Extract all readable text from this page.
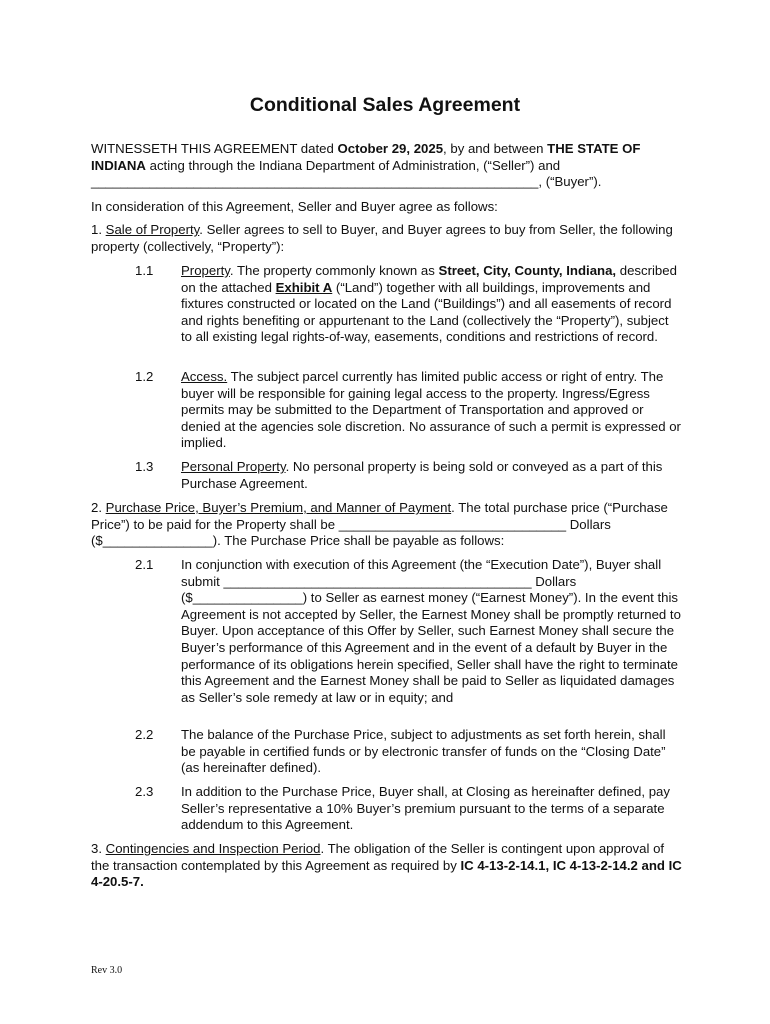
Conditional Sales Agreement

WITNESSETH THIS AGREEMENT dated October 29, 2025, by and between THE STATE OF INDIANA acting through the Indiana Department of Administration, (“Seller”) and

_____________________________________________________________, (“Buyer”).

In consideration of this Agreement, Seller and Buyer agree as follows:

1. Sale of Property. Seller agrees to sell to Buyer, and Buyer agrees to buy from Seller, the following property (collectively, “Property”):

1.1	Property. The property commonly known as Street, City, County, Indiana, described on the attached Exhibit A (“Land”) together with all buildings, improvements and fixtures constructed or located on the Land (“Buildings”) and all easements of record and rights benefiting or appurtenant to the Land (collectively the “Property”), subject to all existing legal rights-of-way, easements, conditions and restrictions of record.

1.2	Access. The subject parcel currently has limited public access or right of entry. The buyer will be responsible for gaining legal access to the property. Ingress/Egress permits may be submitted to the Department of Transportation and approved or denied at the agencies sole discretion. No assurance of such a permit is expressed or implied.

1.3	Personal Property. No personal property is being sold or conveyed as a part of this Purchase Agreement.

2. Purchase Price, Buyer’s Premium, and Manner of Payment. The total purchase price (“Purchase Price”) to be paid for the Property shall be _______________________________ Dollars ($_______________). The Purchase Price shall be payable as follows:

2.1	In conjunction with execution of this Agreement (the “Execution Date”), Buyer shall submit __________________________________________ Dollars ($_______________) to Seller as earnest money (“Earnest Money”). In the event this Agreement is not accepted by Seller, the Earnest Money shall be promptly returned to Buyer. Upon acceptance of this Offer by Seller, such Earnest Money shall secure the Buyer’s performance of this Agreement and in the event of a default by Buyer in the performance of its obligations herein specified, Seller shall have the right to terminate this Agreement and the Earnest Money shall be paid to Seller as liquidated damages as Seller’s sole remedy at law or in equity; and

2.2	The balance of the Purchase Price, subject to adjustments as set forth herein, shall be payable in certified funds or by electronic transfer of funds on the “Closing Date” (as hereinafter defined).

2.3	In addition to the Purchase Price, Buyer shall, at Closing as hereinafter defined, pay Seller’s representative a 10% Buyer’s premium pursuant to the terms of a separate addendum to this Agreement.

3. Contingencies and Inspection Period. The obligation of the Seller is contingent upon approval of the transaction contemplated by this Agreement as required by IC 4-13-2-14.1, IC 4-13-2-14.2 and IC 4-20.5-7.

Rev 3.0
